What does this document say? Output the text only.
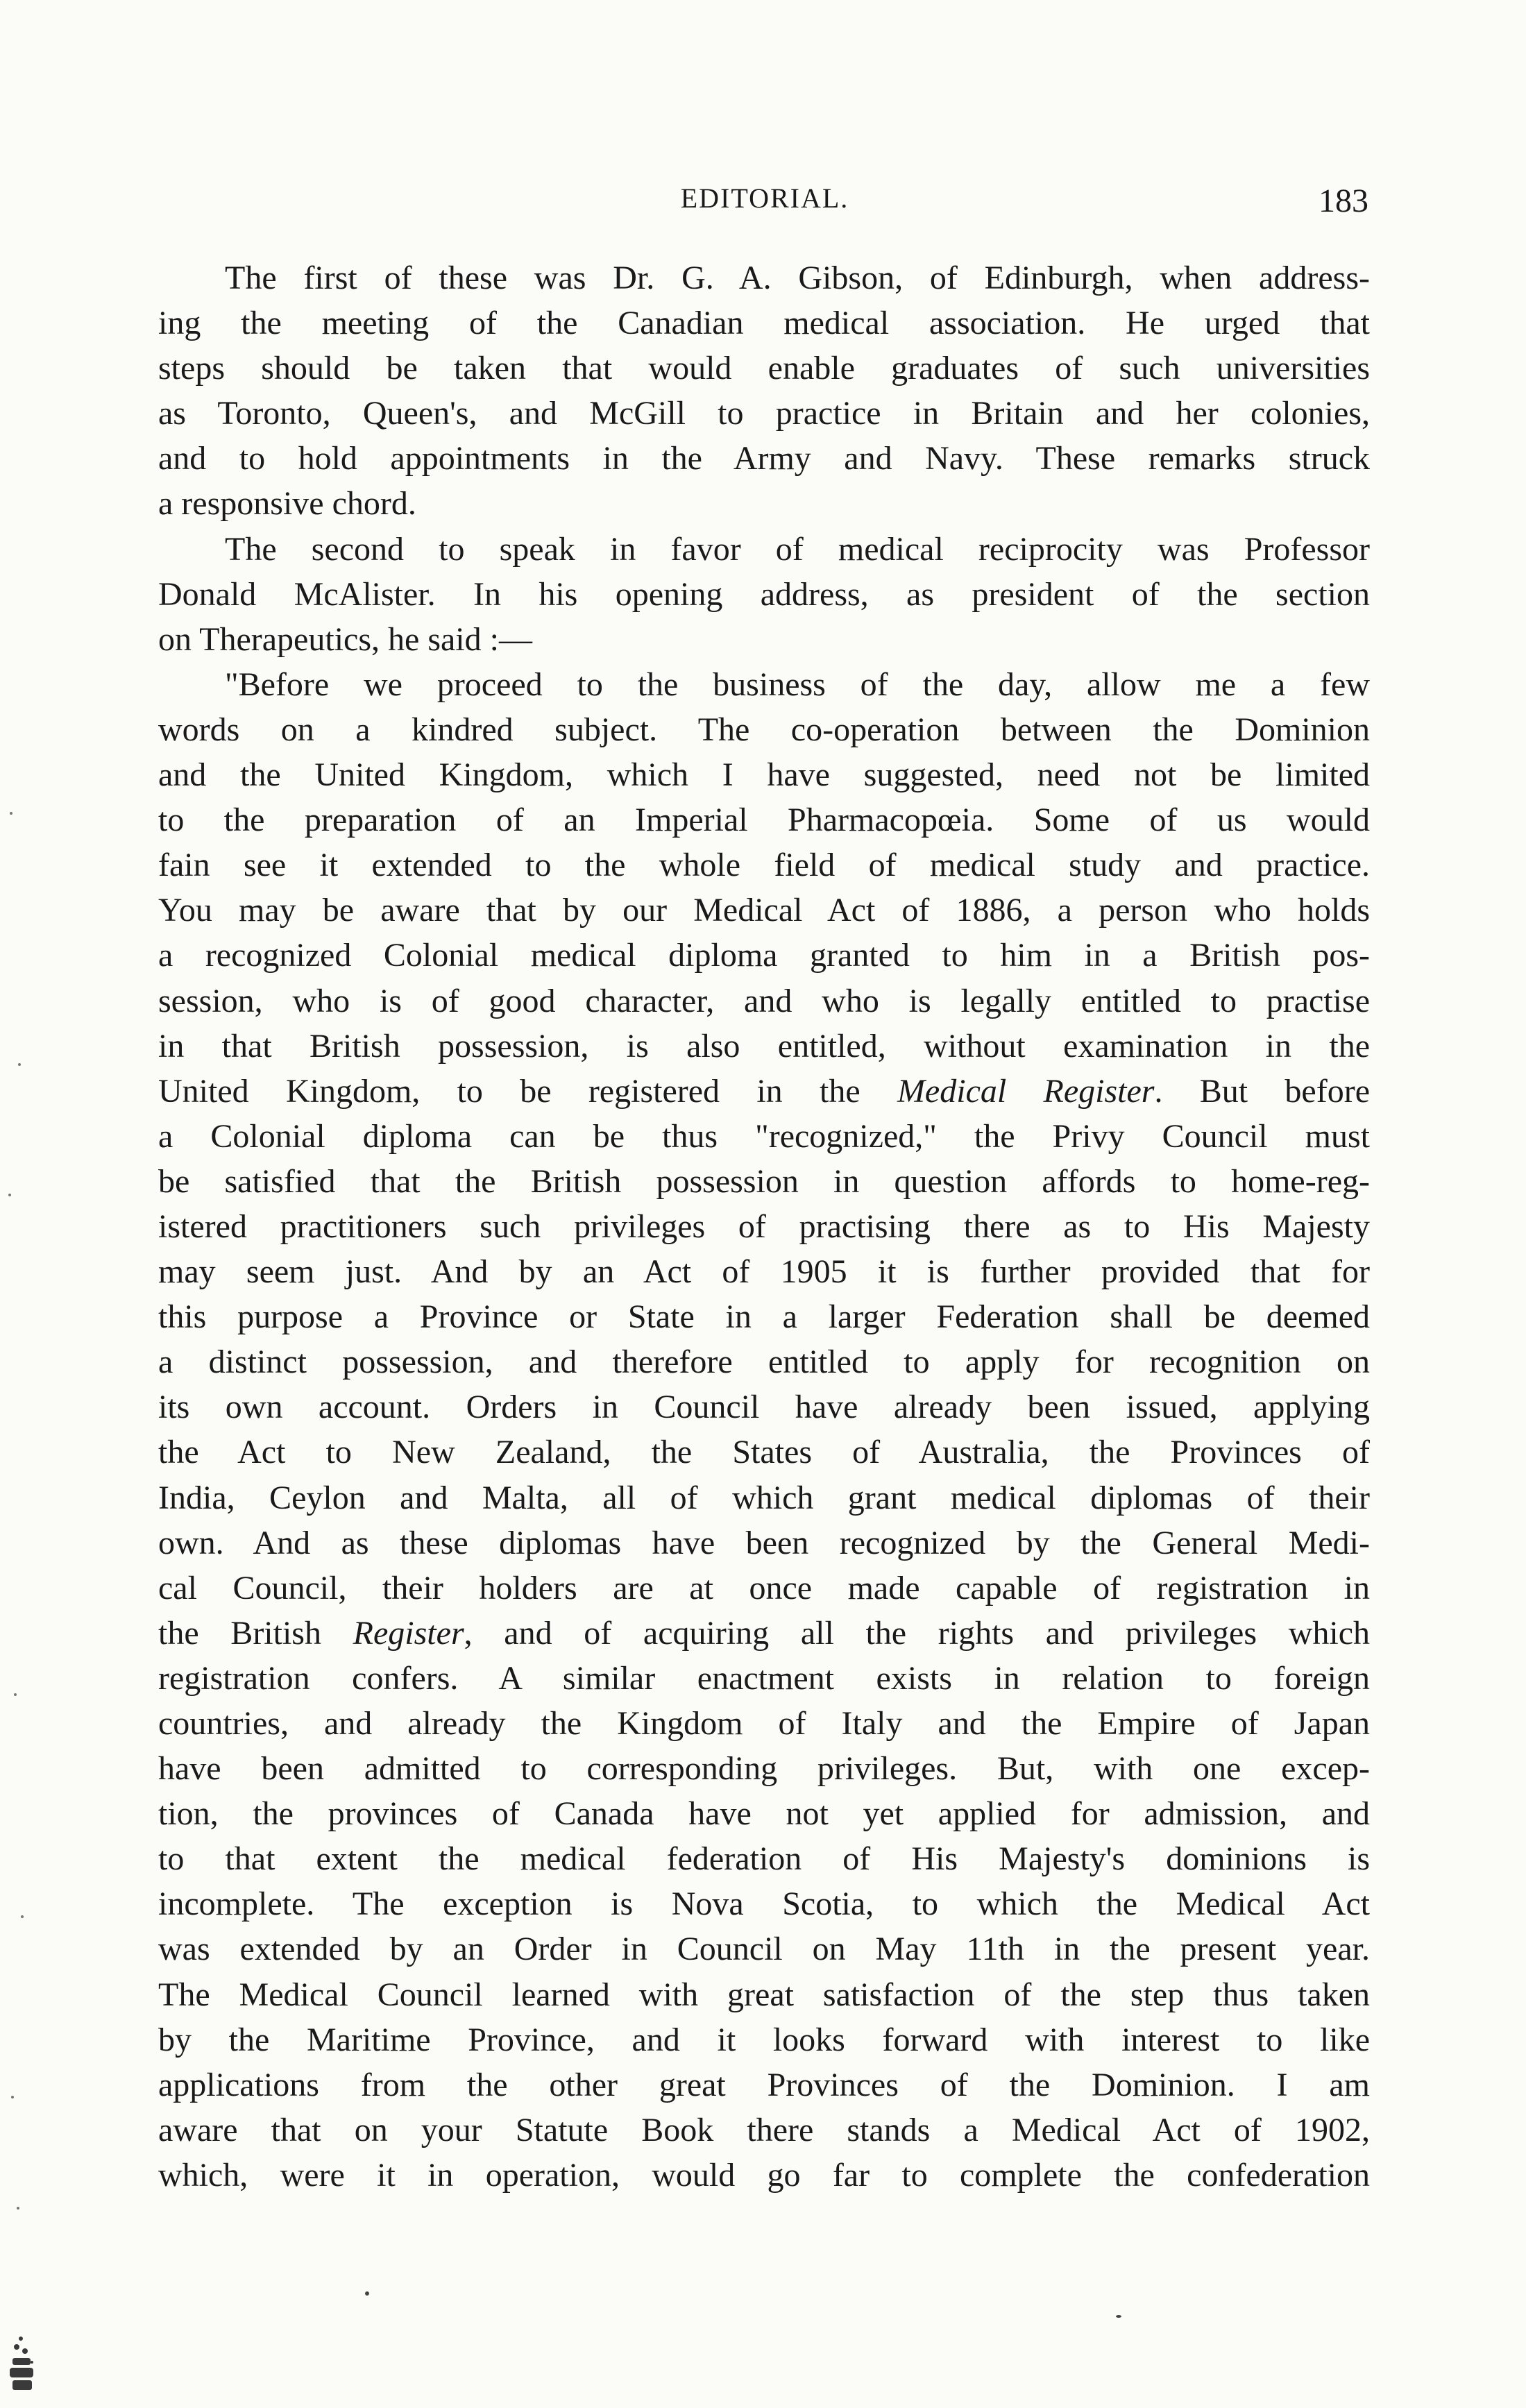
EDITORIAL.	183
The first of these was Dr. G. A. Gibson, of Edinburgh, when address-
ing the meeting of the Canadian medical association. He urged that
steps should be taken that would enable graduates of such universities
as Toronto, Queen's, and McGill to practice in Britain and her colonies,
and to hold appointments in the Army and Navy. These remarks struck
a responsive chord.
The second to speak in favor of medical reciprocity was Professor
Donald McAlister. In his opening address, as president of the section
on Therapeutics, he said :—
"Before we proceed to the business of the day, allow me a few
words on a kindred subject. The co-operation between the Dominion
and the United Kingdom, which I have suggested, need not be limited
to the preparation of an Imperial Pharmacopœia. Some of us would
fain see it extended to the whole field of medical study and practice.
You may be aware that by our Medical Act of 1886, a person who holds
a recognized Colonial medical diploma granted to him in a British pos-
session, who is of good character, and who is legally entitled to practise
in that British possession, is also entitled, without examination in the
United Kingdom, to be registered in the Medical Register. But before
a Colonial diploma can be thus "recognized," the Privy Council must
be satisfied that the British possession in question affords to home-reg-
istered practitioners such privileges of practising there as to His Majesty
may seem just. And by an Act of 1905 it is further provided that for
this purpose a Province or State in a larger Federation shall be deemed
a distinct possession, and therefore entitled to apply for recognition on
its own account. Orders in Council have already been issued, applying
the Act to New Zealand, the States of Australia, the Provinces of
India, Ceylon and Malta, all of which grant medical diplomas of their
own. And as these diplomas have been recognized by the General Medi-
cal Council, their holders are at once made capable of registration in
the British Register, and of acquiring all the rights and privileges which
registration confers. A similar enactment exists in relation to foreign
countries, and already the Kingdom of Italy and the Empire of Japan
have been admitted to corresponding privileges. But, with one excep-
tion, the provinces of Canada have not yet applied for admission, and
to that extent the medical federation of His Majesty's dominions is
incomplete. The exception is Nova Scotia, to which the Medical Act
was extended by an Order in Council on May 11th in the present year.
The Medical Council learned with great satisfaction of the step thus taken
by the Maritime Province, and it looks forward with interest to like
applications from the other great Provinces of the Dominion. I am
aware that on your Statute Book there stands a Medical Act of 1902,
which, were it in operation, would go far to complete the confederation
